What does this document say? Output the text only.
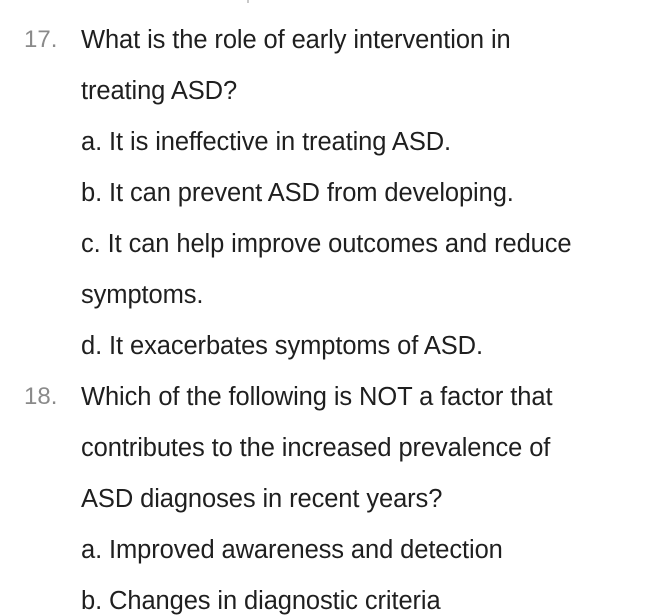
17. What is the role of early intervention in
treating ASD?
a. It is ineffective in treating ASD.
b. It can prevent ASD from developing.
c. It can help improve outcomes and reduce
symptoms.
d. It exacerbates symptoms of ASD.
18. Which of the following is NOT a factor that
contributes to the increased prevalence of
ASD diagnoses in recent years?
a. Improved awareness and detection
b. Changes in diagnostic criteria
